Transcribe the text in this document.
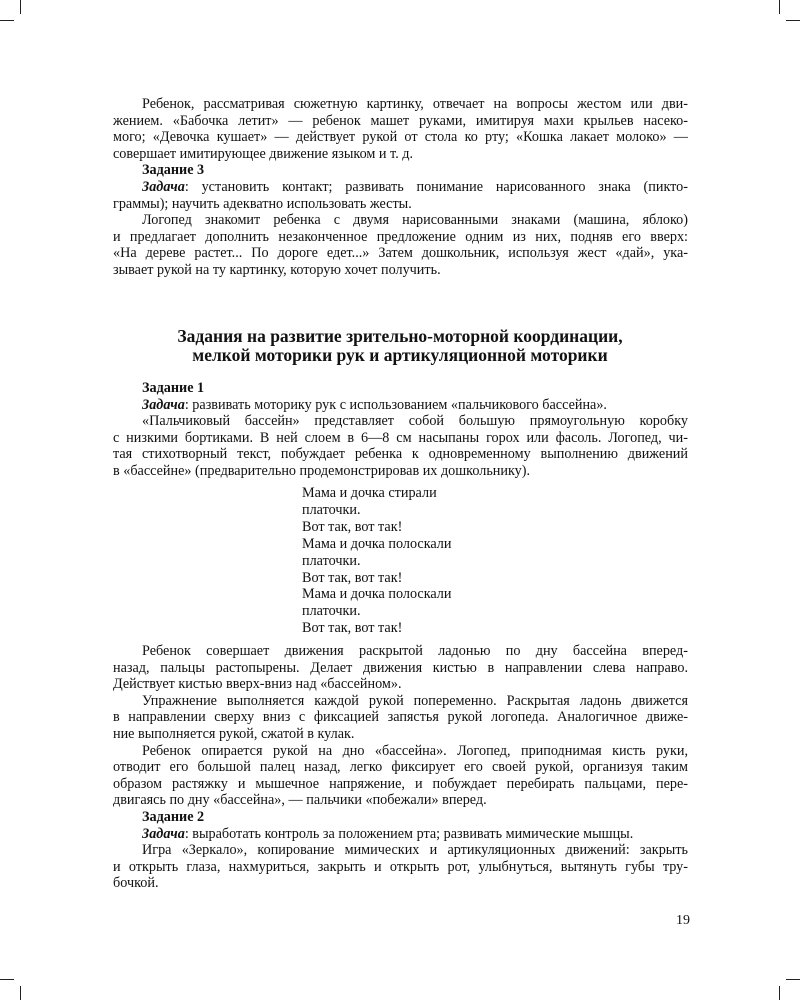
Ребенок, рассматривая сюжетную картинку, отвечает на вопросы жестом или дви-
жением. «Бабочка летит» — ребенок машет руками, имитируя махи крыльев насеко-
мого; «Девочка кушает» — действует рукой от стола ко рту; «Кошка лакает молоко» —
совершает имитирующее движение языком и т. д.
Задание 3
Задача: установить контакт; развивать понимание нарисованного знака (пикто-
граммы); научить адекватно использовать жесты.
Логопед знакомит ребенка с двумя нарисованными знаками (машина, яблоко)
и предлагает дополнить незаконченное предложение одним из них, подняв его вверх:
«На дереве растет... По дороге едет...» Затем дошкольник, используя жест «дай», ука-
зывает рукой на ту картинку, которую хочет получить.
Задания на развитие зрительно-моторной координации,
мелкой моторики рук и артикуляционной моторики
Задание 1
Задача: развивать моторику рук с использованием «пальчикового бассейна».
«Пальчиковый бассейн» представляет собой большую прямоугольную коробку
с низкими бортиками. В ней слоем в 6—8 см насыпаны горох или фасоль. Логопед, чи-
тая стихотворный текст, побуждает ребенка к одновременному выполнению движений
в «бассейне» (предварительно продемонстрировав их дошкольнику).
Мама и дочка стирали
платочки.
Вот так, вот так!
Мама и дочка полоскали
платочки.
Вот так, вот так!
Мама и дочка полоскали
платочки.
Вот так, вот так!
Ребенок совершает движения раскрытой ладонью по дну бассейна вперед-
назад, пальцы растопырены. Делает движения кистью в направлении слева направо.
Действует кистью вверх-вниз над «бассейном».
Упражнение выполняется каждой рукой попеременно. Раскрытая ладонь движется
в направлении сверху вниз с фиксацией запястья рукой логопеда. Аналогичное движе-
ние выполняется рукой, сжатой в кулак.
Ребенок опирается рукой на дно «бассейна». Логопед, приподнимая кисть руки,
отводит его большой палец назад, легко фиксирует его своей рукой, организуя таким
образом растяжку и мышечное напряжение, и побуждает перебирать пальцами, пере-
двигаясь по дну «бассейна», — пальчики «побежали» вперед.
Задание 2
Задача: выработать контроль за положением рта; развивать мимические мышцы.
Игра «Зеркало», копирование мимических и артикуляционных движений: закрыть
и открыть глаза, нахмуриться, закрыть и открыть рот, улыбнуться, вытянуть губы тру-
бочкой.
19
